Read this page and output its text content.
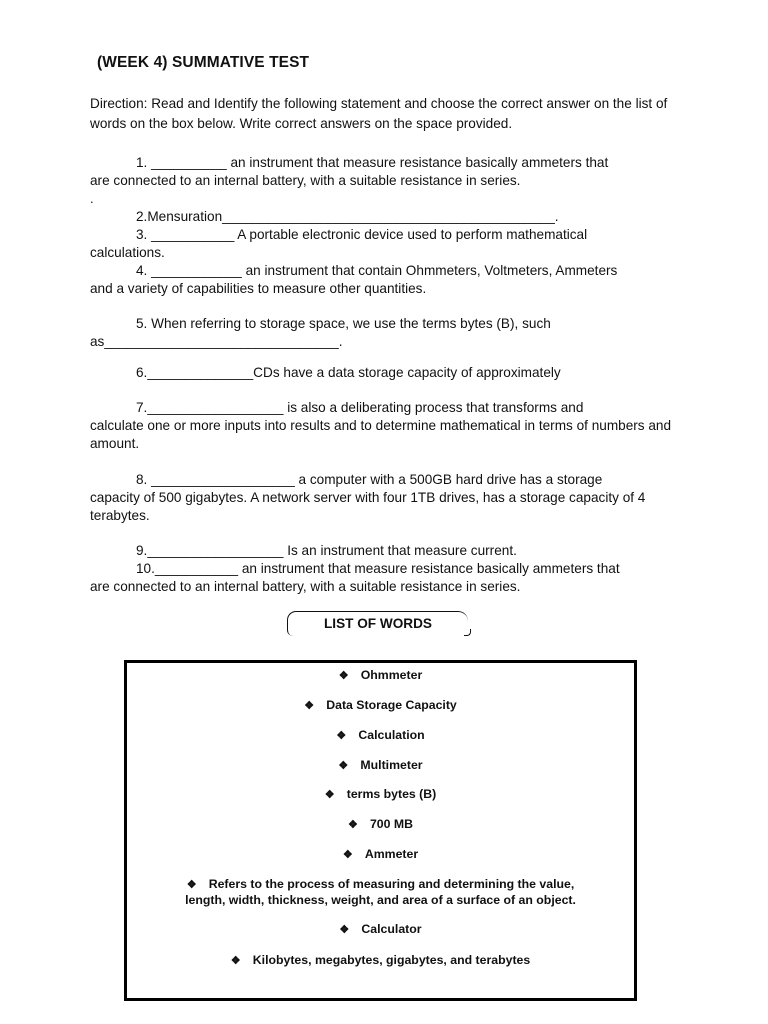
(WEEK 4) SUMMATIVE TEST
Direction: Read and Identify the following statement and choose the correct answer on the list of words on the box below. Write correct answers on the space provided.
1. __________ an instrument that measure resistance basically ammeters that
are connected to an internal battery, with a suitable resistance in series.
.
2.Mensuration____________________________________________.
3. ___________ A portable electronic device used to perform mathematical
calculations.
4. ____________ an instrument that contain Ohmmeters, Voltmeters, Ammeters
and a variety of capabilities to measure other quantities.
5. When referring to storage space, we use the terms bytes (B), such
as_______________________________.
6.______________CDs have a data storage capacity of approximately
7.__________________ is also a deliberating process that transforms and
calculate one or more inputs into results and to determine mathematical in terms of numbers and amount.
8. ___________________ a computer with a 500GB hard drive has a storage
capacity of 500 gigabytes. A network server with four 1TB drives, has a storage capacity of 4 terabytes.
9.__________________ Is an instrument that measure current.
10.___________ an instrument that measure resistance basically ammeters that
are connected to an internal battery, with a suitable resistance in series.
LIST OF WORDS
❖ Ohmmeter
❖ Data Storage Capacity
❖ Calculation
❖ Multimeter
❖ terms bytes (B)
❖ 700 MB
❖ Ammeter
❖ Refers to the process of measuring and determining the value, length, width, thickness, weight, and area of a surface of an object.
❖ Calculator
❖ Kilobytes, megabytes, gigabytes, and terabytes
